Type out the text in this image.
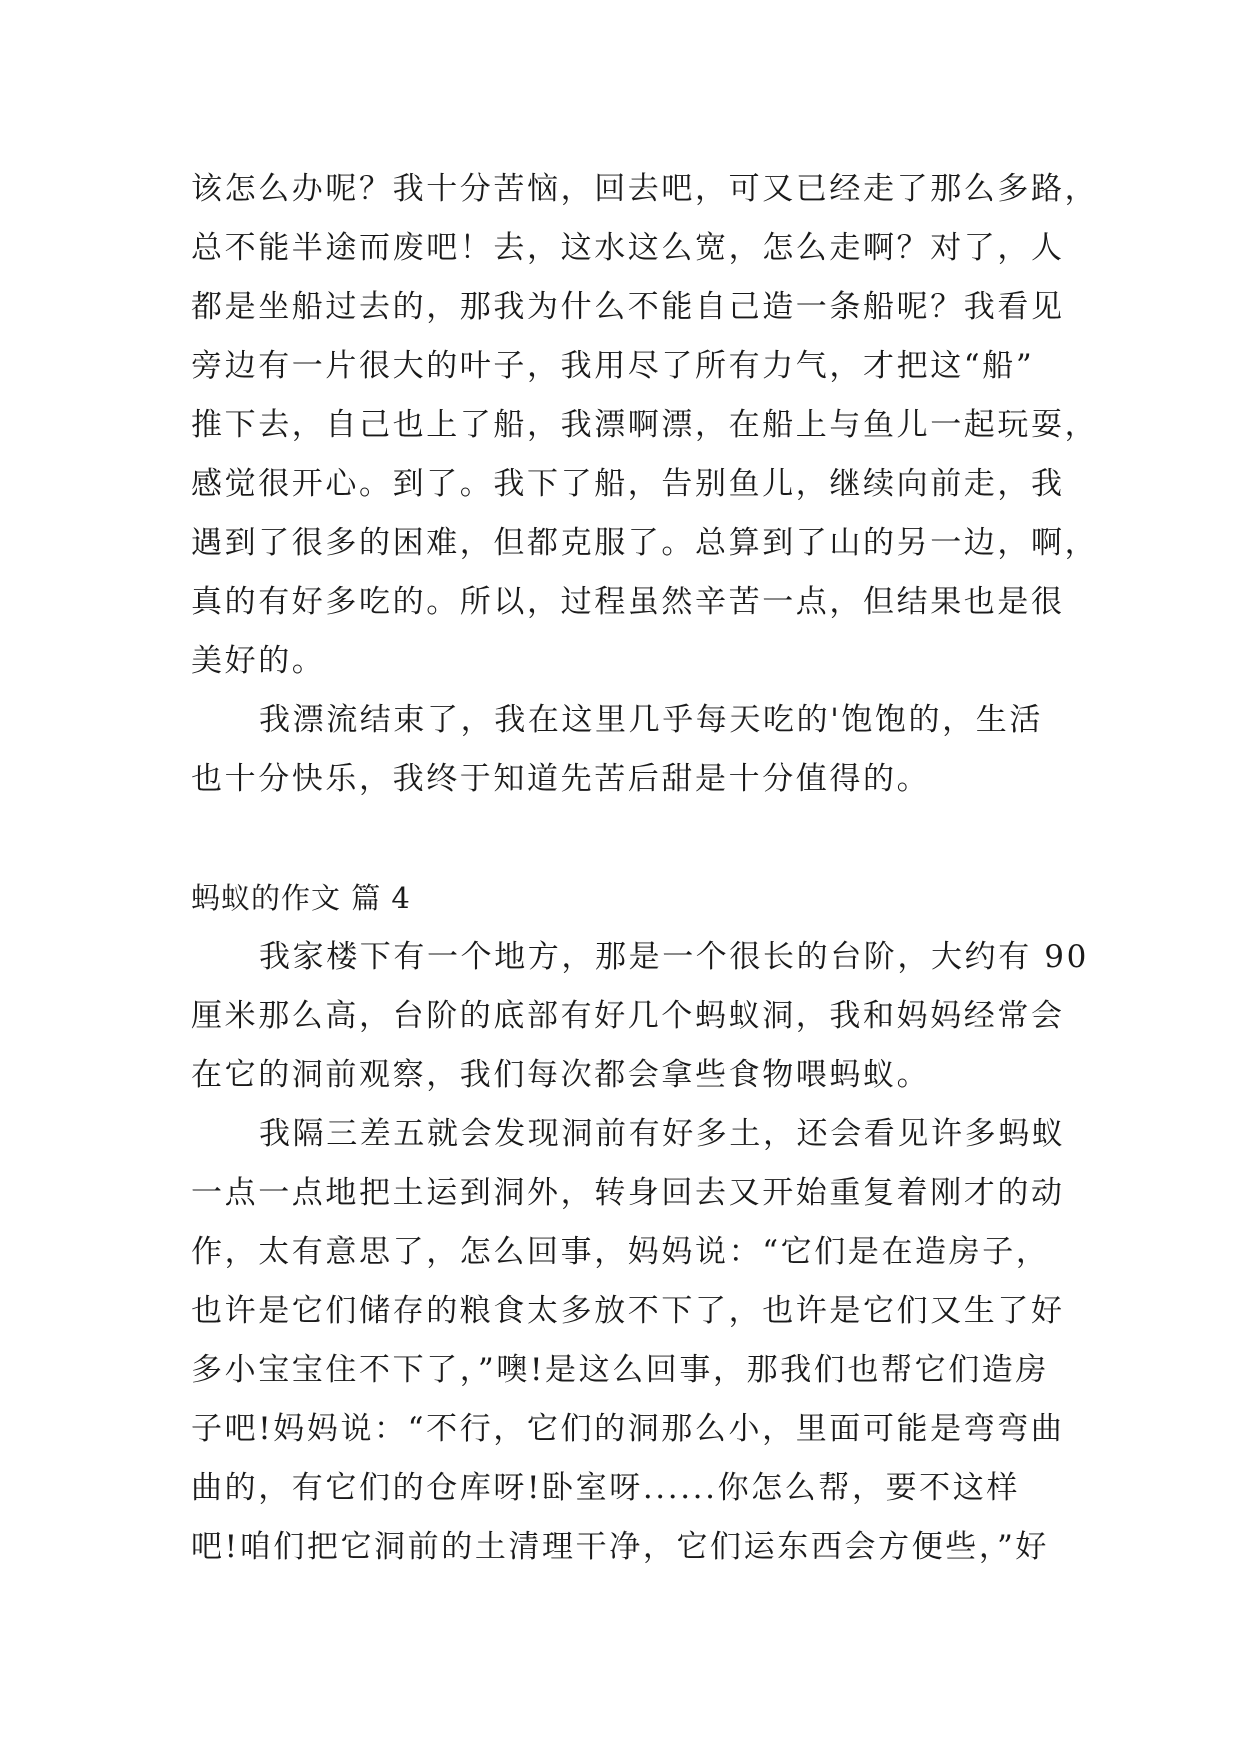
该怎么办呢？我十分苦恼，回去吧，可又已经走了那么多路，
总不能半途而废吧！去，这水这么宽，怎么走啊？对了，人
都是坐船过去的，那我为什么不能自己造一条船呢？我看见
旁边有一片很大的叶子，我用尽了所有力气，才把这“船”
推下去，自己也上了船，我漂啊漂，在船上与鱼儿一起玩耍，
感觉很开心。到了。我下了船，告别鱼儿，继续向前走，我
遇到了很多的困难，但都克服了。总算到了山的另一边，啊，
真的有好多吃的。所以，过程虽然辛苦一点，但结果也是很
美好的。
我漂流结束了，我在这里几乎每天吃的'饱饱的，生活
也十分快乐，我终于知道先苦后甜是十分值得的。
蚂蚁的作文 篇 4
我家楼下有一个地方，那是一个很长的台阶，大约有 90
厘米那么高，台阶的底部有好几个蚂蚁洞，我和妈妈经常会
在它的洞前观察，我们每次都会拿些食物喂蚂蚁。
我隔三差五就会发现洞前有好多土，还会看见许多蚂蚁
一点一点地把土运到洞外，转身回去又开始重复着刚才的动
作，太有意思了，怎么回事，妈妈说：“它们是在造房子，
也许是它们储存的粮食太多放不下了，也许是它们又生了好
多小宝宝住不下了，”噢!是这么回事，那我们也帮它们造房
子吧!妈妈说：“不行，它们的洞那么小，里面可能是弯弯曲
曲的，有它们的仓库呀!卧室呀......你怎么帮，要不这样
吧!咱们把它洞前的土清理干净，它们运东西会方便些，”好
